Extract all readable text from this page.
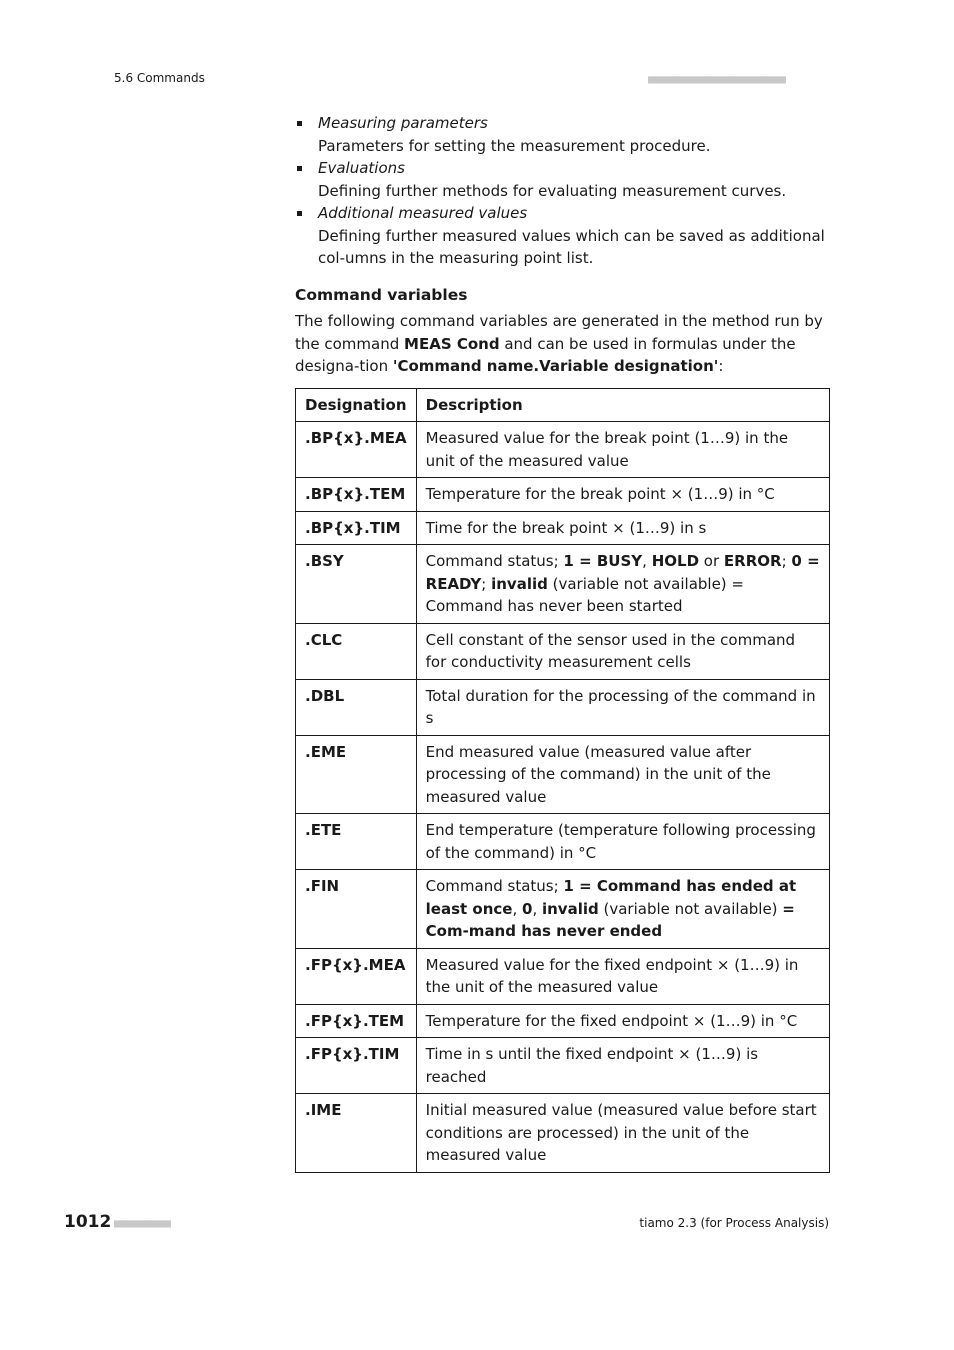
5.6 Commands	■■■■■■■■■■■■■■■■■■■■■■
Measuring parameters
Parameters for setting the measurement procedure.
Evaluations
Defining further methods for evaluating measurement curves.
Additional measured values
Defining further measured values which can be saved as additional col-umns in the measuring point list.
Command variables

The following command variables are generated in the method run by the command MEAS Cond and can be used in formulas under the designa-tion 'Command name.Variable designation':

Designation	Description
.BP{x}.MEA	Measured value for the break point (1…9) in the unit of the measured value
.BP{x}.TEM	Temperature for the break point × (1…9) in °C
.BP{x}.TIM	Time for the break point × (1…9) in s
.BSY	Command status; 1 = BUSY, HOLD or ERROR; 0 = READY; invalid (variable not available) = Command has never been started
.CLC	Cell constant of the sensor used in the command for conductivity measurement cells
.DBL	Total duration for the processing of the command in s
.EME	End measured value (measured value after processing of the command) in the unit of the measured value
.ETE	End temperature (temperature following processing of the command) in °C
.FIN	Command status; 1 = Command has ended at least once, 0, invalid (variable not available) = Com-mand has never ended
.FP{x}.MEA	Measured value for the fixed endpoint × (1…9) in the unit of the measured value
.FP{x}.TEM	Temperature for the fixed endpoint × (1…9) in °C
.FP{x}.TIM	Time in s until the fixed endpoint × (1…9) is reached
.IME	Initial measured value (measured value before start conditions are processed) in the unit of the measured value
1012 ■■■■■■■■■	tiamo 2.3 (for Process Analysis)
